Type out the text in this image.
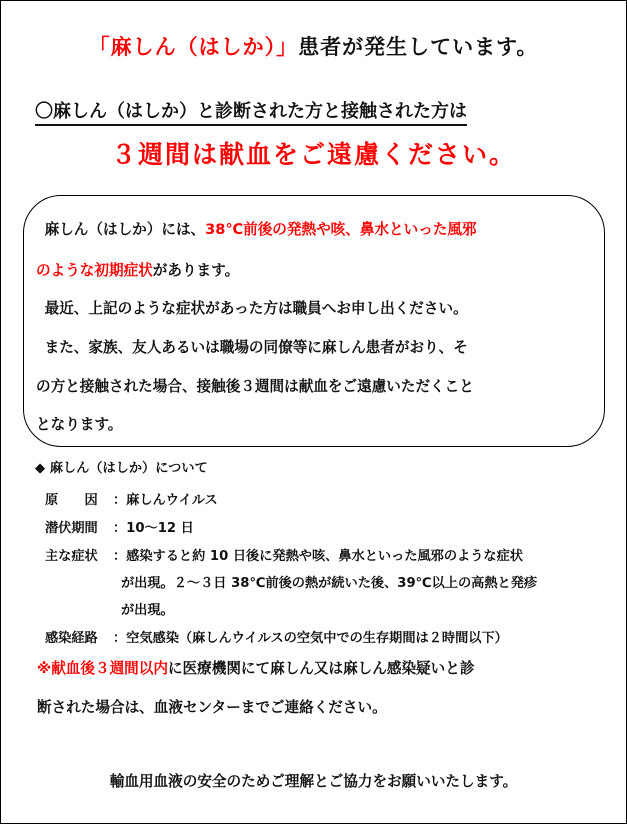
「麻しん（はしか）」患者が発生しています。
〇麻しん（はしか）と診断された方と接触された方は
３週間は献血をご遠慮ください。
　麻しん（はしか）には、38℃前後の発熱や咳、鼻水といった風邪
のような初期症状があります。
　最近、上記のような症状があった方は職員へお申し出ください。
　また、家族、友人あるいは職場の同僚等に麻しん患者がおり、そ
の方と接触された場合、接触後３週間は献血をご遠慮いただくこと
となります。
◆ 麻しん（はしか）について
原　　因 ：麻しんウイルス
潜伏期間 ：10〜12 日
主な症状 ：感染すると約 10 日後に発熱や咳、鼻水といった風邪のような症状
が出現。２〜３日 38℃前後の熱が続いた後、39℃以上の高熱と発疹
が出現。
感染経路 ：空気感染（麻しんウイルスの空気中での生存期間は２時間以下）
※献血後３週間以内に医療機関にて麻しん又は麻しん感染疑いと診
断された場合は、血液センターまでご連絡ください。
輸血用血液の安全のためご理解とご協力をお願いいたします。
